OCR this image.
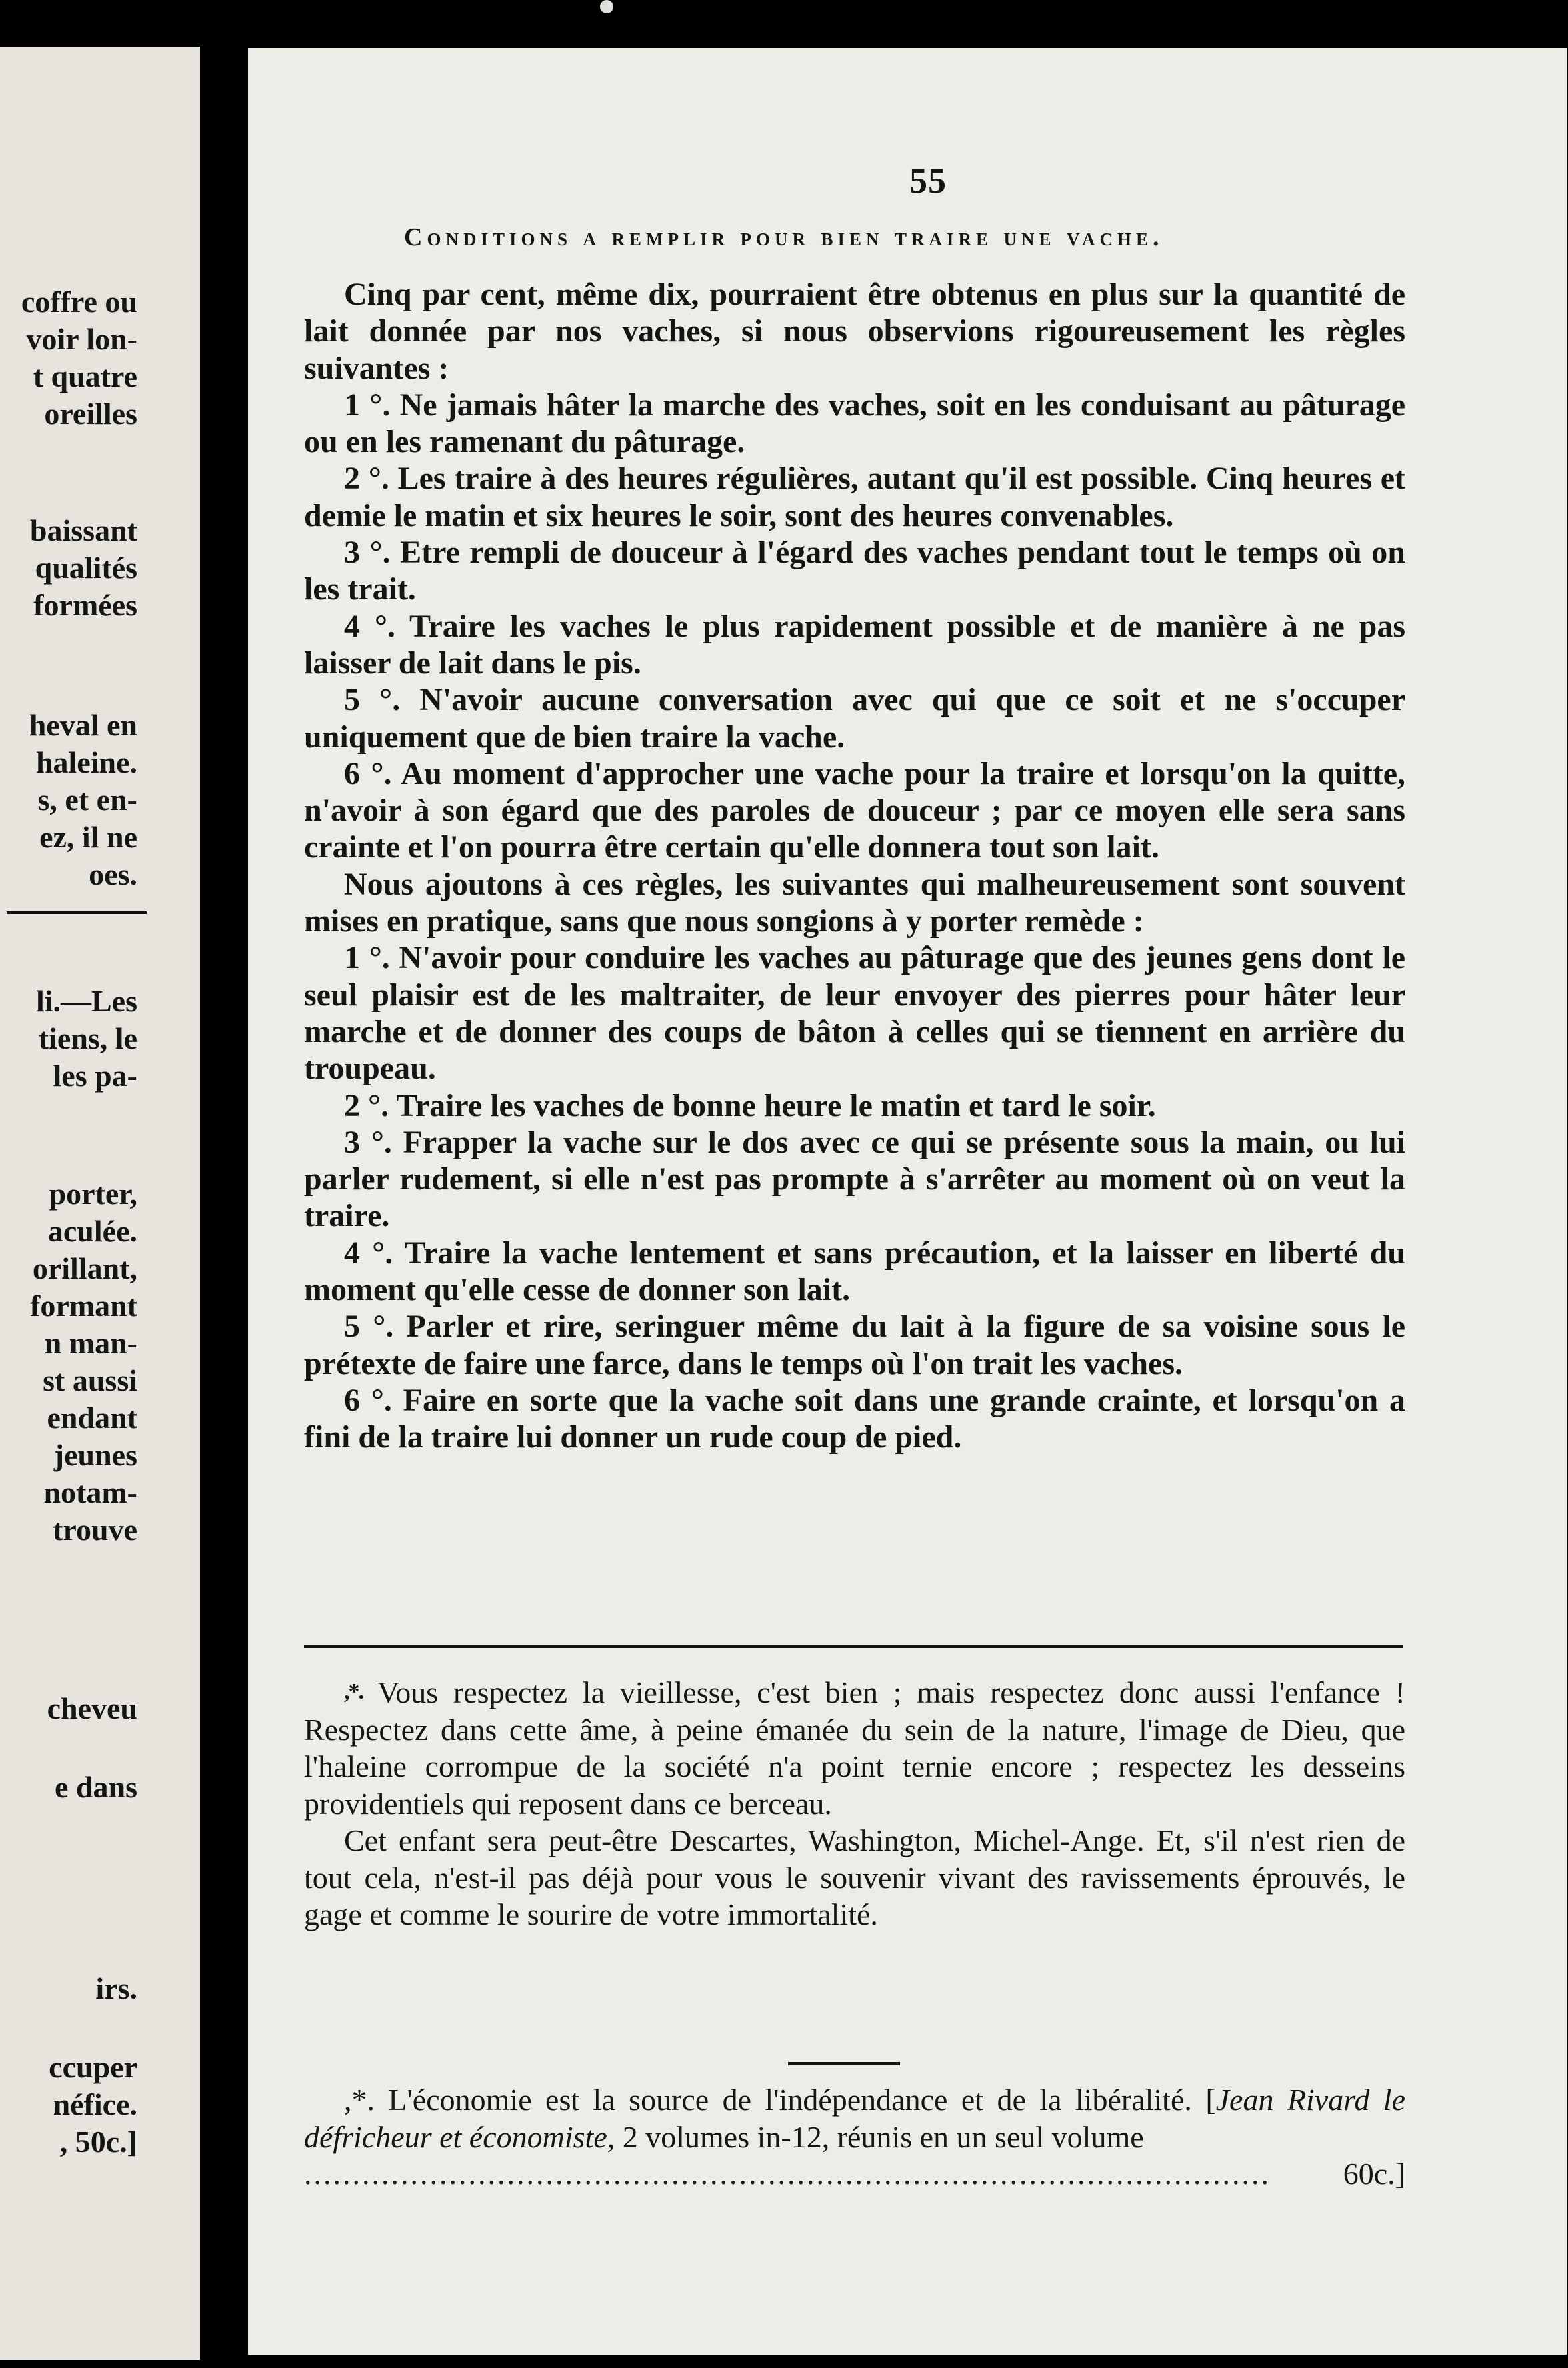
coffre ou
voir lon-
t quatre
oreilles
baissant
qualités
formées
heval en
haleine.
s, et en-
ez, il ne
oes.
li.—Les
tiens, le
les pa-
porter,
aculée.
orillant,
formant
n man-
st aussi
endant
jeunes
notam-
trouve
cheveu
e dans
irs.
ccuper
néfice.
, 50c.]
55
Conditions a remplir pour bien traire une vache.

Cinq par cent, même dix, pourraient être obtenus en plus sur la quantité de lait donnée par nos vaches, si nous observions rigoureusement les règles suivantes :

1 °. Ne jamais hâter la marche des vaches, soit en les conduisant au pâturage ou en les ramenant du pâturage.

2 °. Les traire à des heures régulières, autant qu'il est possible. Cinq heures et demie le matin et six heures le soir, sont des heures convenables.

3 °. Etre rempli de douceur à l'égard des vaches pendant tout le temps où on les trait.

4 °. Traire les vaches le plus rapidement possible et de manière à ne pas laisser de lait dans le pis.

5 °. N'avoir aucune conversation avec qui que ce soit et ne s'occuper uniquement que de bien traire la vache.

6 °. Au moment d'approcher une vache pour la traire et lorsqu'on la quitte, n'avoir à son égard que des paroles de douceur ; par ce moyen elle sera sans crainte et l'on pourra être certain qu'elle donnera tout son lait.

Nous ajoutons à ces règles, les suivantes qui malheureusement sont souvent mises en pratique, sans que nous songions à y porter remède :

1 °. N'avoir pour conduire les vaches au pâturage que des jeunes gens dont le seul plaisir est de les maltraiter, de leur envoyer des pierres pour hâter leur marche et de donner des coups de bâton à celles qui se tiennent en arrière du troupeau.

2 °. Traire les vaches de bonne heure le matin et tard le soir.

3 °. Frapper la vache sur le dos avec ce qui se présente sous la main, ou lui parler rudement, si elle n'est pas prompte à s'arrêter au moment où on veut la traire.

4 °. Traire la vache lentement et sans précaution, et la laisser en liberté du moment qu'elle cesse de donner son lait.

5 °. Parler et rire, seringuer même du lait à la figure de sa voisine sous le prétexte de faire une farce, dans le temps où l'on trait les vaches.

6 °. Faire en sorte que la vache soit dans une grande crainte, et lorsqu'on a fini de la traire lui donner un rude coup de pied.

,*. Vous respectez la vieillesse, c'est bien ; mais respectez donc aussi l'enfance ! Respectez dans cette âme, à peine émanée du sein de la nature, l'image de Dieu, que l'haleine corrompue de la société n'a point ternie encore ; respectez les desseins providentiels qui reposent dans ce berceau.

Cet enfant sera peut-être Descartes, Washington, Michel-Ange. Et, s'il n'est rien de tout cela, n'est-il pas déjà pour vous le souvenir vivant des ravissements éprouvés, le gage et comme le sourire de votre immortalité.

,*. L'économie est la source de l'indépendance et de la libéralité. [Jean Rivard le défricheur et économiste, 2 volumes in-12, réunis en un seul volume

.....
60c.]
